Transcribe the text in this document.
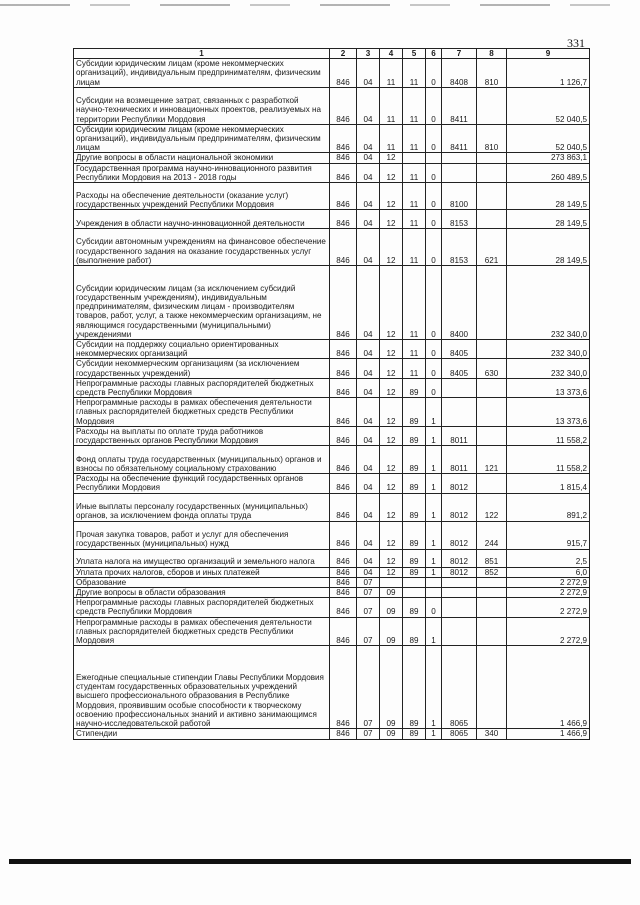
331
1	2	3	4	5	6	7	8	9
Субсидии юридическим лицам (кроме некоммерческих организаций), индивидуальным предпринимателям, физическим лицам	846	04	11	11	0	8408	810	1 126,7
Субсидии на возмещение затрат, связанных с разработкой научно-технических и инновационных проектов, реализуемых на территории Республики Мордовия	846	04	11	11	0	8411		52 040,5
Субсидии юридическим лицам (кроме некоммерческих организаций), индивидуальным предпринимателям, физическим лицам	846	04	11	11	0	8411	810	52 040,5
Другие вопросы в области национальной экономики	846	04	12					273 863,1
Государственная программа научно-инновационного развития Республики Мордовия на 2013 - 2018 годы	846	04	12	11	0			260 489,5
Расходы на обеспечение деятельности (оказание услуг) государственных учреждений Республики Мордовия	846	04	12	11	0	8100		28 149,5
Учреждения в области научно-инновационной деятельности	846	04	12	11	0	8153		28 149,5
Субсидии автономным учреждениям на финансовое обеспечение государственного задания на оказание государственных услуг (выполнение работ)	846	04	12	11	0	8153	621	28 149,5
Субсидии юридическим лицам (за исключением субсидий государственным учреждениям), индивидуальным предпринимателям, физическим лицам - производителям товаров, работ, услуг, а также некоммерческим организациям, не являющимся государственными (муниципальными) учреждениями	846	04	12	11	0	8400		232 340,0
Субсидии на поддержку социально ориентированных некоммерческих организаций	846	04	12	11	0	8405		232 340,0
Субсидии некоммерческим организациям (за исключением государственных учреждений)	846	04	12	11	0	8405	630	232 340,0
Непрограммные расходы главных распорядителей бюджетных средств Республики Мордовия	846	04	12	89	0			13 373,6
Непрограммные расходы в рамках обеспечения деятельности главных распорядителей бюджетных средств Республики Мордовия	846	04	12	89	1			13 373,6
Расходы на выплаты по оплате труда работников государственных органов Республики Мордовия	846	04	12	89	1	8011		11 558,2
Фонд оплаты труда государственных (муниципальных) органов и взносы по обязательному социальному страхованию	846	04	12	89	1	8011	121	11 558,2
Расходы на обеспечение функций государственных органов Республики Мордовия	846	04	12	89	1	8012		1 815,4
Иные выплаты персоналу государственных (муниципальных) органов, за исключением фонда оплаты труда	846	04	12	89	1	8012	122	891,2
Прочая закупка товаров, работ и услуг для обеспечения государственных (муниципальных) нужд	846	04	12	89	1	8012	244	915,7
Уплата налога на имущество организаций и земельного налога	846	04	12	89	1	8012	851	2,5
Уплата прочих налогов, сборов и иных платежей	846	04	12	89	1	8012	852	6,0
Образование	846	07						2 272,9
Другие вопросы в области образования	846	07	09					2 272,9
Непрограммные расходы главных распорядителей бюджетных средств Республики Мордовия	846	07	09	89	0			2 272,9
Непрограммные расходы в рамках обеспечения деятельности главных распорядителей бюджетных средств Республики Мордовия	846	07	09	89	1			2 272,9
Ежегодные специальные стипендии Главы Республики Мордовия студентам государственных образовательных учреждений высшего профессионального образования в Республике Мордовия, проявившим особые способности к творческому освоению профессиональных знаний и активно занимающимся научно-исследовательской работой	846	07	09	89	1	8065		1 466,9
Стипендии	846	07	09	89	1	8065	340	1 466,9
